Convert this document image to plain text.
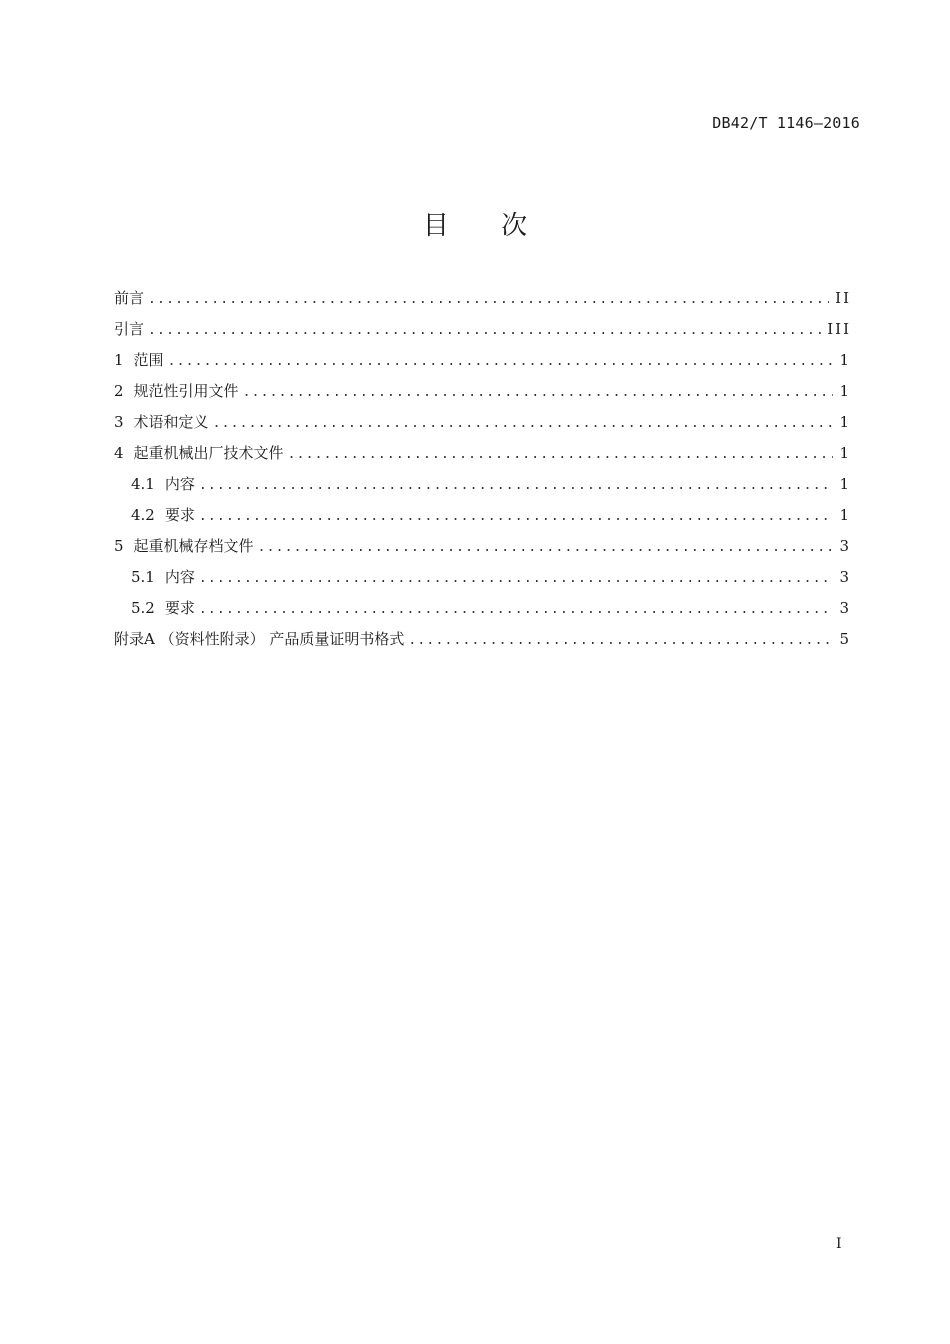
DB42/T 1146—2016
目 次
前言 .....	II
引言 .....	III
1 范围 .....	1
2 规范性引用文件 .....	1
3 术语和定义 .....	1
4 起重机械出厂技术文件 .....	1
4.1 内容 .....	1
4.2 要求 .....	1
5 起重机械存档文件 .....	3
5.1 内容 .....	3
5.2 要求 .....	3
附录A （资料性附录） 产品质量证明书格式 .....	5
I
